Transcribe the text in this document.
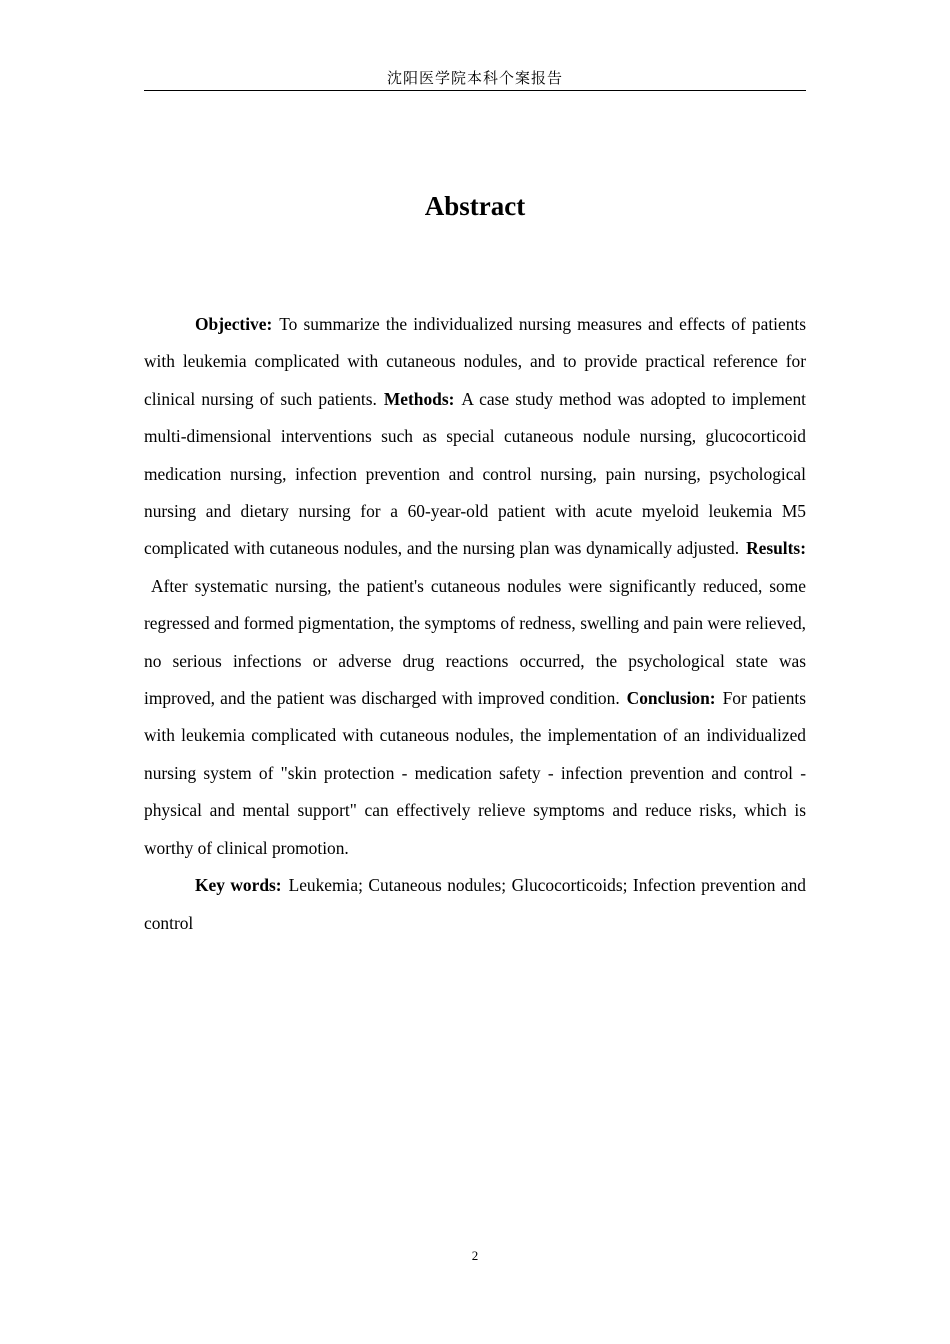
沈阳医学院本科个案报告
Abstract

Objective: To summarize the individualized nursing measures and effects of patients with leukemia complicated with cutaneous nodules, and to provide practical reference for clinical nursing of such patients. Methods: A case study method was adopted to implement multi-dimensional interventions such as special cutaneous nodule nursing, glucocorticoid medication nursing, infection prevention and control nursing, pain nursing, psychological nursing and dietary nursing for a 60-year-old patient with acute myeloid leukemia M5 complicated with cutaneous nodules, and the nursing plan was dynamically adjusted. Results:After systematic nursing, the patient's cutaneous nodules were significantly reduced, some regressed and formed pigmentation, the symptoms of redness, swelling and pain were relieved, no serious infections or adverse drug reactions occurred, the psychological state was improved, and the patient was discharged with improved condition. Conclusion: For patients with leukemia complicated with cutaneous nodules, the implementation of an individualized nursing system of "skin protection - medication safety - infection prevention and control - physical and mental support" can effectively relieve symptoms and reduce risks, which is worthy of clinical promotion.

Key words: Leukemia; Cutaneous nodules; Glucocorticoids; Infection prevention and control

2
